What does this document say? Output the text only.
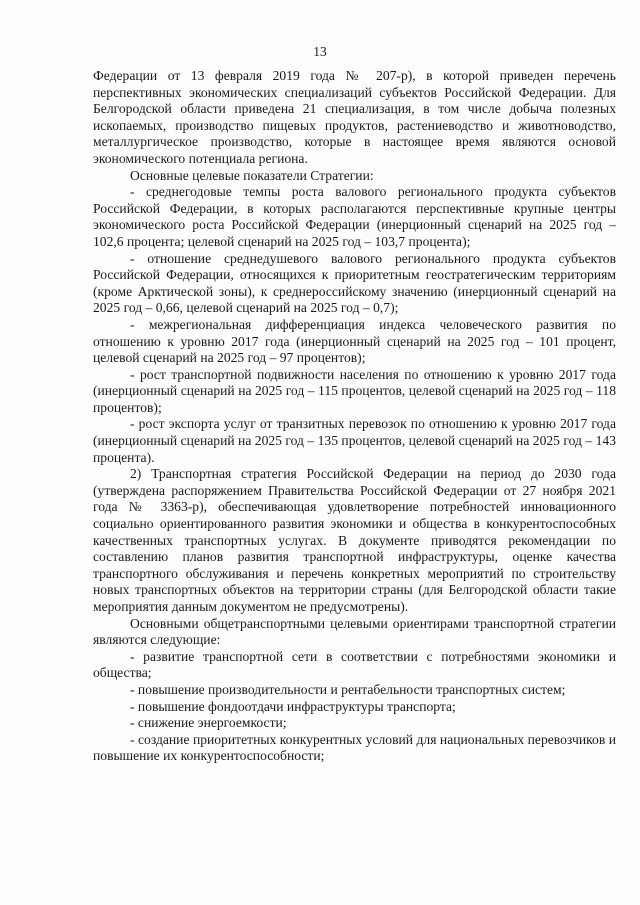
13

Федерации от 13 февраля 2019 года № 207-р), в которой приведен перечень перспективных экономических специализаций субъектов Российской Федерации. Для Белгородской области приведена 21 специализация, в том числе добыча полезных ископаемых, производство пищевых продуктов, растениеводство и животноводство, металлургическое производство, которые в настоящее время являются основой экономического потенциала региона.

Основные целевые показатели Стратегии:

- среднегодовые темпы роста валового регионального продукта субъектов Российской Федерации, в которых располагаются перспективные крупные центры экономического роста Российской Федерации (инерционный сценарий на 2025 год – 102,6 процента; целевой сценарий на 2025 год – 103,7 процента);

- отношение среднедушевого валового регионального продукта субъектов Российской Федерации, относящихся к приоритетным геостратегическим территориям (кроме Арктической зоны), к среднероссийскому значению (инерционный сценарий на 2025 год – 0,66, целевой сценарий на 2025 год – 0,7);

- межрегиональная дифференциация индекса человеческого развития по отношению к уровню 2017 года (инерционный сценарий на 2025 год – 101 процент, целевой сценарий на 2025 год – 97 процентов);

- рост транспортной подвижности населения по отношению к уровню 2017 года (инерционный сценарий на 2025 год – 115 процентов, целевой сценарий на 2025 год – 118 процентов);

- рост экспорта услуг от транзитных перевозок по отношению к уровню 2017 года (инерционный сценарий на 2025 год – 135 процентов, целевой сценарий на 2025 год – 143 процента).

2) Транспортная стратегия Российской Федерации на период до 2030 года (утверждена распоряжением Правительства Российской Федерации от 27 ноября 2021 года № 3363-р), обеспечивающая удовлетворение потребностей инновационного социально ориентированного развития экономики и общества в конкурентоспособных качественных транспортных услугах. В документе приводятся рекомендации по составлению планов развития транспортной инфраструктуры, оценке качества транспортного обслуживания и перечень конкретных мероприятий по строительству новых транспортных объектов на территории страны (для Белгородской области такие мероприятия данным документом не предусмотрены).

Основными общетранспортными целевыми ориентирами транспортной стратегии являются следующие:

- развитие транспортной сети в соответствии с потребностями экономики и общества;

- повышение производительности и рентабельности транспортных систем;

- повышение фондоотдачи инфраструктуры транспорта;

- снижение энергоемкости;

- создание приоритетных конкурентных условий для национальных перевозчиков и повышение их конкурентоспособности;
